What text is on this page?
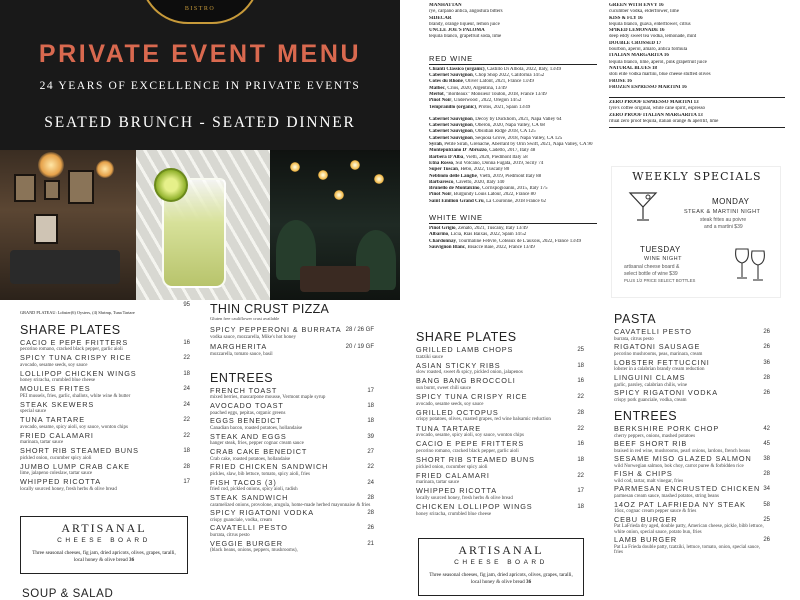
BISTRO
PRIVATE EVENT MENU
24 YEARS OF EXCELLENCE IN PRIVATE EVENTS
SEATED BRUNCH - SEATED DINNER
GRAND PLATEAU: Lobster(6) Oysters, (4) Shrimp, Tuna Tartare
95
SHARE PLATES
CACIO E PEPE FRITTERS
pecorino romano, cracked black pepper, garlic aioli
16
SPICY TUNA CRISPY RICE
avocado, sesame seeds, soy sauce
22
LOLLIPOP CHICKEN WINGS
honey sriracha, crumbled blue cheese
18
MOULES FRITES
PEI mussels, fries, garlic, shallots, white wine & butter
24
STEAK SKEWERS
special sauce
24
TUNA TARTARE
avocado, sesame, spicy aioli, soy sauce, wonton chips
22
FRIED CALAMARI
marinara, tartar sauce
22
SHORT RIB STEAMED BUNS
pickled onion, cucumber spicy aioli
18
JUMBO LUMP CRAB CAKE
lime, jalapeno coleslaw, tartar sauce
28
WHIPPED RICOTTA
locally sourced honey, fresh herbs & olive bread
17
ARTISANAL
CHEESE BOARD
Three seasonal cheeses, fig jam, dried apricots, olives, grapes, taralli, local honey & olive bread 36
SOUP & SALAD
THIN CRUST PIZZA
Gluten free cauliflower crust available
SPICY PEPPERONI & BURRATA
vodka sauce, mozzarella, Mike's hot honey
28 / 26 GF
MARGHERITA
mozzarella, tomato sauce, basil
20 / 19 GF
ENTREES
FRENCH TOAST
mixed berries, mascarpone mousse, Vermont maple syrup
17
AVOCADO TOAST
poached eggs, pepitas, organic greens
18
EGGS BENEDICT
Canadian bacon, roasted potatoes, hollandaise
18
STEAK AND EGGS
hanger steak, fries, pepper cognac cream sauce
39
CRAB CAKE BENEDICT
Crab cake, roasted potatoes, hollandaise
27
FRIED CHICKEN SANDWICH
pickles, slaw, bib lettuce, tomato, spicy aioli, fries
22
FISH TACOS (3)
fried cod, pickled onions, spicy aioli, radish
24
STEAK SANDWICH
caramelized onions, provolone, arugula, home-made herbed mayonnaise & fries
28
SPICY RIGATONI VODKA
crispy guanciale, vodka, cream
28
CAVATELLI PESTO
burrata, citrus pesto
26
VEGGIE BURGER
(black beans, onions, peppers, mushrooms),
21
MANHATTAN
rye, carpano antica, angostura bitters
SIDECAR
brandy, orange liqueur, lemon juice
UNCLE JOE'S PALOMA
tequila blanco, grapefruit soda, lime
RED WINE
Chianti Classico (organic), Castillo Di Albola, 2022, Italy, 13/49
Cabernet Sauvignon, Chop Shop 2022, California 14/52
Cotes du Rhone, Oliver Lafont, 2021, France 13/49
Malbec, Crios, 2020, Argentina, 13/49
Merlot, "Bordeaux" Monsieur Touton, 2018, France 13/49
Pinot Noir, Underwood , 2022, Oregon 14/52
Tempranillo (organic), Protos, 2021, Spain 13/49
Cabernet Sauvignon, Decoy by Duckhorn, 2021, Napa Valley 64
Cabernet Sauvignon, Oberon, 2020, Napa Valley, CA 68
Cabernet Sauvignon, Obsidian Ridge 2018, CA 125
Cabernet Sauvignon, Sequoia Grove, 2018, Napa Valley, CA 125
Syrah, Petite Sirah, Grenache, Aberrant by Orin Swift, 2021, Napa Valley, CA 90
Montepulciano D' Abruzzo, Cadetto, 2017, Italy 48
Barbera D'Alba, Vietti, 2020, Piedmont Italy 58
Etna Rosso, Sul Volcano, Donna Fugata, 2019, Sicily 74
Super Tuscan, Hebo, 2022, Tuscany 80
Nebbiolo delle Langhe, Vietti, 2019, Piedmont Italy 88
Barbaresco, Cavetto, 2020, Italy 140
Brunello de Montalcino, Corrispogioanni, 2015, Italy 175
Pinot Noir, Burgundy Louis Latour, 2022, France 80
Saint Emilion Grand Cru, La Couronne, 2018 France 62
WHITE WINE
Pinot Grigio, Zenato, 2021, Tuscany, Italy 13/49
Albarino, Licia, Rias Baixas, 2022, Spain 14/52
Chardonnay, Tourmaline Febvre, Coteaux de L'auxois, 2022, France 13/49
Sauvignon Blanc, Bisacce Baie, 2022, France 13/49
GREEN WITH ENVY 16
cucumber vodka, elderflower, lime
KISS & FLY 16
tequila blanco, guava, elderflower, citrus
SPIKED LEMONADE 16
deep eddy sweet tea vodka, lemonade, mint
DOUBLE CROSSED 17
bourbon, aperol, amaro, antica formula
ITALIAN MARGARITA 16
tequila blanco, lime, aperol, pink grapefruit juice
NATURAL BLUES 18
stoli elite vodka martini, blue cheese stuffed olives
FROSE 16
FROZEN ESPRESSO MARTINI 16
ZERO PROOF ESPRESSO MARTINI 13
lyre's coffee original, white cane spirit, espresso
ZERO PROOF ITALIAN MARGARITA 13
ritual zero proof tequila, italian orange & aperitif, lime
WEEKLY SPECIALS
MONDAY
STEAK & MARTINI NIGHT
steak frites au poivre
and a martini $39
TUESDAY
WINE NIGHT
artisanal cheese board &
select bottle of wine $39
PLUS 1/2 PRICE SELECT BOTTLES
SHARE PLATES
GRILLED LAMB CHOPS
tzatziki sauce
25
ASIAN STICKY RIBS
slow roasted, sweet & spicy, pickled onion, jalapenos
18
BANG BANG BROCCOLI
sun burnt, sweet chili sauce
16
SPICY TUNA CRISPY RICE
avocado, sesame seeds, soy sauce
22
GRILLED OCTOPUS
crispy potatoes, olives, roasted grapes, red wine balsamic reduction
28
TUNA TARTARE
avocado, sesame, spicy aioli, soy sauce, wonton chips
22
CACIO E PEPE FRITTERS
pecorino romano, cracked black pepper, garlic aioli
16
SHORT RIB STEAMED BUNS
pickled onion, cucumber spicy aioli
18
FRIED CALAMARI
marinara, tartar sauce
22
WHIPPED RICOTTA
locally sourced honey, fresh herbs & olive bread
17
CHICKEN LOLLIPOP WINGS
honey sriracha, crumbled blue cheese
18
ARTISANAL
CHEESE BOARD
Three seasonal cheeses, fig jam, dried apricots, olives, grapes, taralli, local honey & olive bread 36
PASTA
CAVATELLI PESTO
burrata, citrus pesto
26
RIGATONI SAUSAGE
pecorino mushrooms, peas, marinara, cream
26
LOBSTER FETTUCCINI
lobster in a calabrian brandy cream reduction
36
LINGUINI CLAMS
garlic, parsley, calabrian chilis, wine
28
SPICY RIGATONI VODKA
crispy pork guanciale, vodka, cream
26
ENTREES
BERKSHIRE PORK CHOP
cherry peppers, onions, mashed potatoes
42
BEEF SHORT RIB
braised in red wine, mushrooms, pearl onions, lardons, french beans
45
SESAME MISO GLAZED SALMON
wild Norwegian salmon, bok choy, carrot puree & forbidden rice
38
FISH & CHIPS
wild cod, tartar, malt vinegar, fries
28
PARMESAN ENCRUSTED CHICKEN
parmesan cream sauce, mashed potatos, string beans
34
14OZ PAT LAFRIEDA NY STEAK
16oz, cognac cream pepper sauce & fries
58
CEBU BURGER
Pat LaFrieda dry aged, double patty, American cheese, pickle, bibb lettuce, white onion, special sauce, potato bun, fries
25
LAMB BURGER
Pat La Frieda double patty, tzatziki, lettuce, tomato, onion, special sauce, fries
26
